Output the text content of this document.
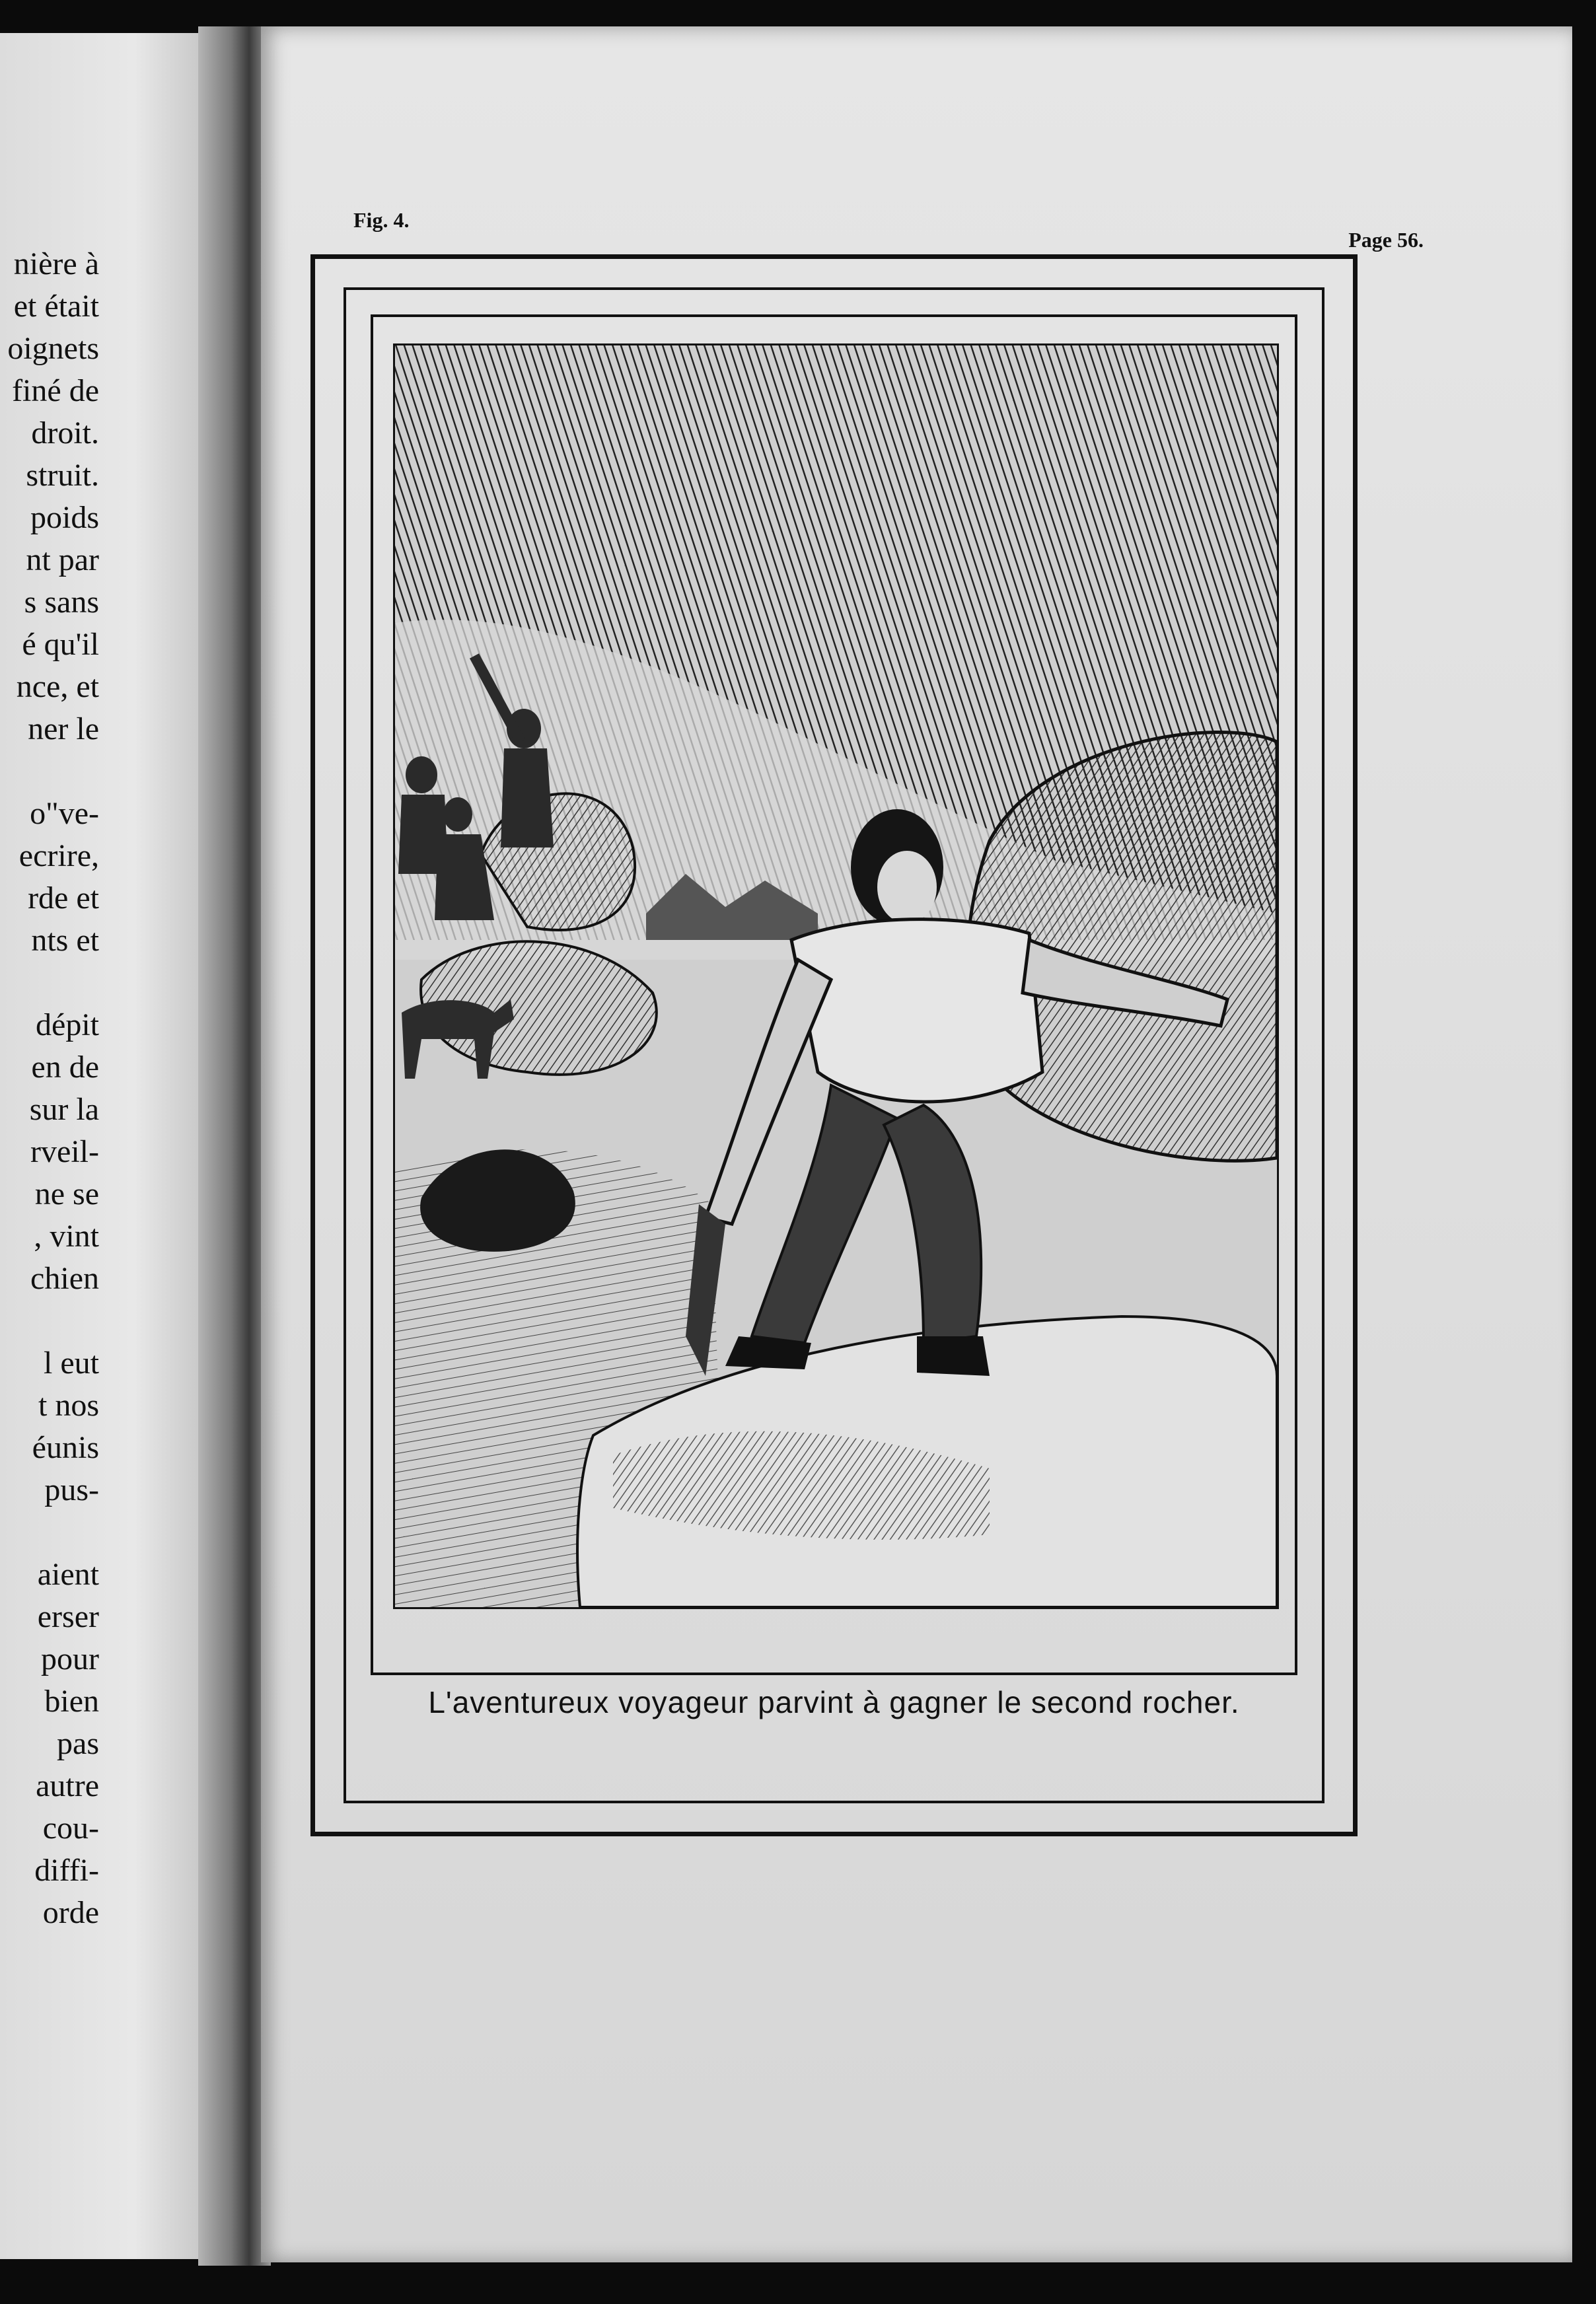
nière à
et était
oignets
finé de
droit.
struit.
poids
nt par
s sans
é qu'il
nce, et
ner le
o"ve-
ecrire,
rde et
nts et
dépit
en de
sur la
rveil-
ne se
, vint
chien
l eut
t nos
éunis
pus-
aient
erser
pour
bien
pas
autre
cou-
diffi-
orde
Fig. 4.
Page 56.
L'aventureux voyageur parvint à gagner le second rocher.
